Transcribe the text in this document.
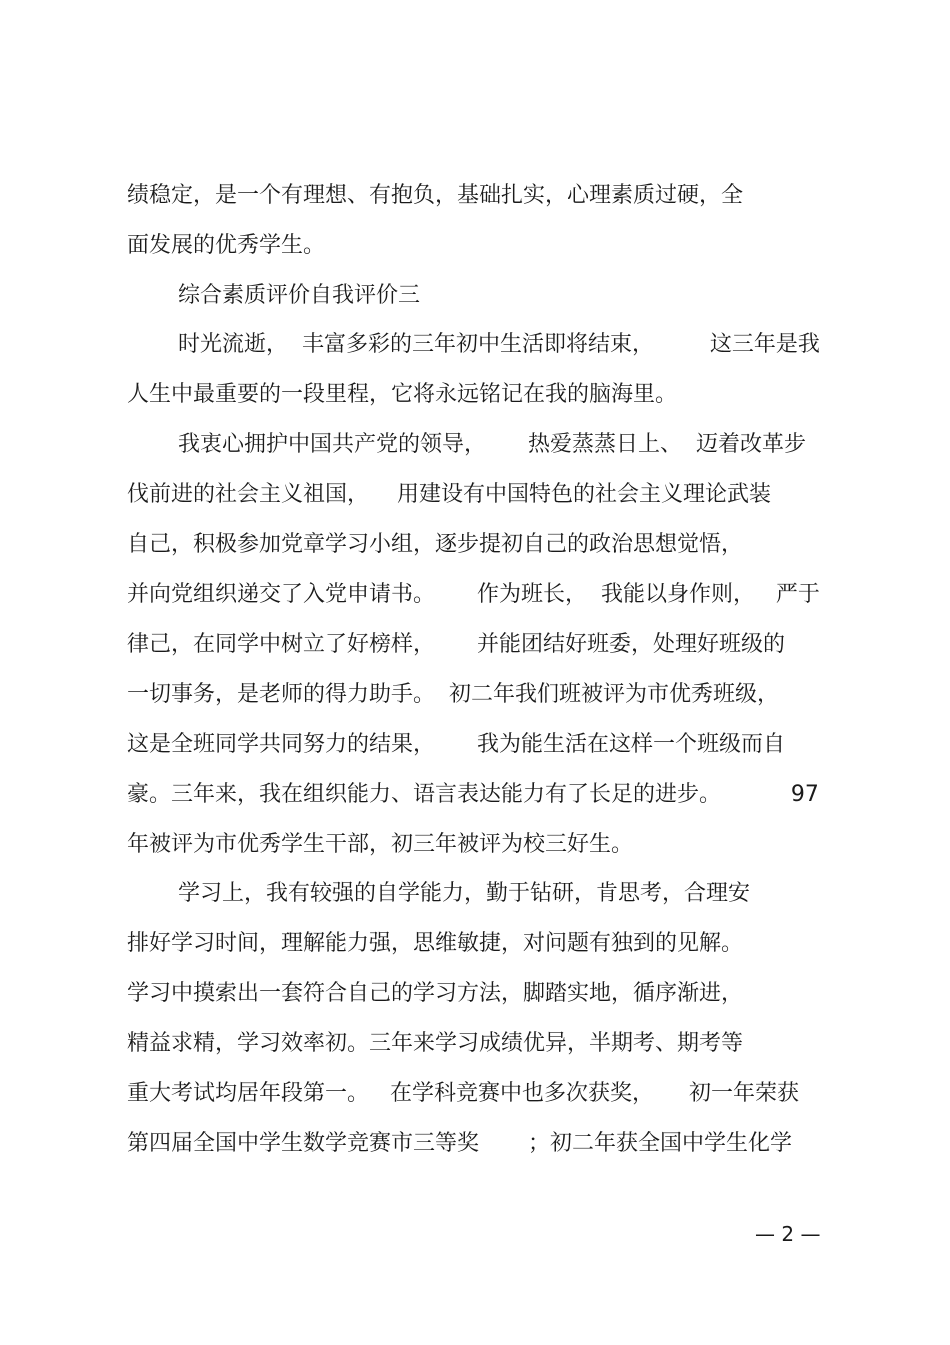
绩稳定，是一个有理想、有抱负，基础扎实，心理素质过硬，全

面发展的优秀学生。

综合素质评价自我评价三

时光流逝，  丰富多彩的三年初中生活即将结束，        这三年是我

人生中最重要的一段里程，它将永远铭记在我的脑海里。

我衷心拥护中国共产党的领导，      热爱蒸蒸日上、  迈着改革步

伐前进的社会主义祖国，    用建设有中国特色的社会主义理论武装

自己，积极参加党章学习小组，逐步提初自己的政治思想觉悟，

并向党组织递交了入党申请书。      作为班长，  我能以身作则，   严于

律己，在同学中树立了好榜样，      并能团结好班委，处理好班级的

一切事务，是老师的得力助手。  初二年我们班被评为市优秀班级，

这是全班同学共同努力的结果，      我为能生活在这样一个班级而自

豪。三年来，我在组织能力、语言表达能力有了长足的进步。          97

年被评为市优秀学生干部，初三年被评为校三好生。

学习上，我有较强的自学能力，勤于钻研，肯思考，合理安

排好学习时间，理解能力强，思维敏捷，对问题有独到的见解。

学习中摸索出一套符合自己的学习方法，脚踏实地，循序渐进，

精益求精，学习效率初。三年来学习成绩优异，半期考、期考等

重大考试均居年段第一。   在学科竞赛中也多次获奖，     初一年荣获

第四届全国中学生数学竞赛市三等奖       ；初二年获全国中学生化学

— 2 —
